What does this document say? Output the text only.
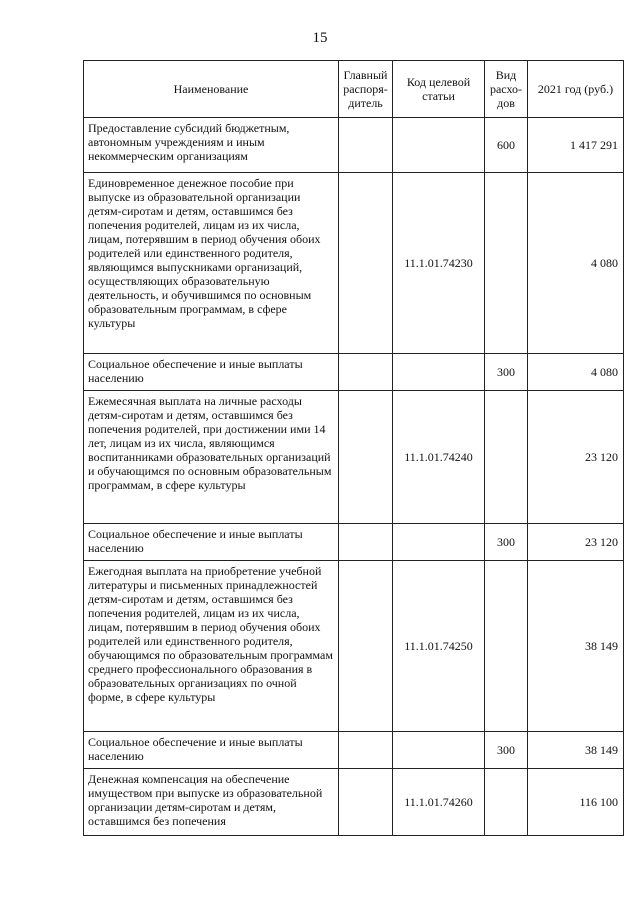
15
Наименование	Главный распоря-дитель	Код целевой статьи	Вид расхо-дов	2021 год (руб.)
Предоставление субсидий бюджетным, автономным учреждениям и иным некоммерческим организациям			600	1 417 291
Единовременное денежное пособие при выпуске из образовательной организации детям-сиротам и детям, оставшимся без попечения родителей, лицам из их числа, лицам, потерявшим в период обучения обоих родителей или единственного родителя, являющимся выпускниками организаций, осуществляющих образовательную деятельность, и обучившимся по основным образовательным программам, в сфере культуры		11.1.01.74230		4 080
Социальное обеспечение и иные выплаты населению			300	4 080
Ежемесячная выплата на личные расходы детям-сиротам и детям, оставшимся без попечения родителей, при достижении ими 14 лет, лицам из их числа, являющимся воспитанниками образовательных организаций и обучающимся по основным образовательным программам, в сфере культуры		11.1.01.74240		23 120
Социальное обеспечение и иные выплаты населению			300	23 120
Ежегодная выплата на приобретение учебной литературы и письменных принадлежностей детям-сиротам и детям, оставшимся без попечения родителей, лицам из их числа, лицам, потерявшим в период обучения обоих родителей или единственного родителя, обучающимся по образовательным программам среднего профессионального образования в образовательных организациях по очной форме, в сфере культуры		11.1.01.74250		38 149
Социальное обеспечение и иные выплаты населению			300	38 149
Денежная компенсация на обеспечение имуществом при выпуске из образовательной организации детям-сиротам и детям, оставшимся без попечения		11.1.01.74260		116 100
